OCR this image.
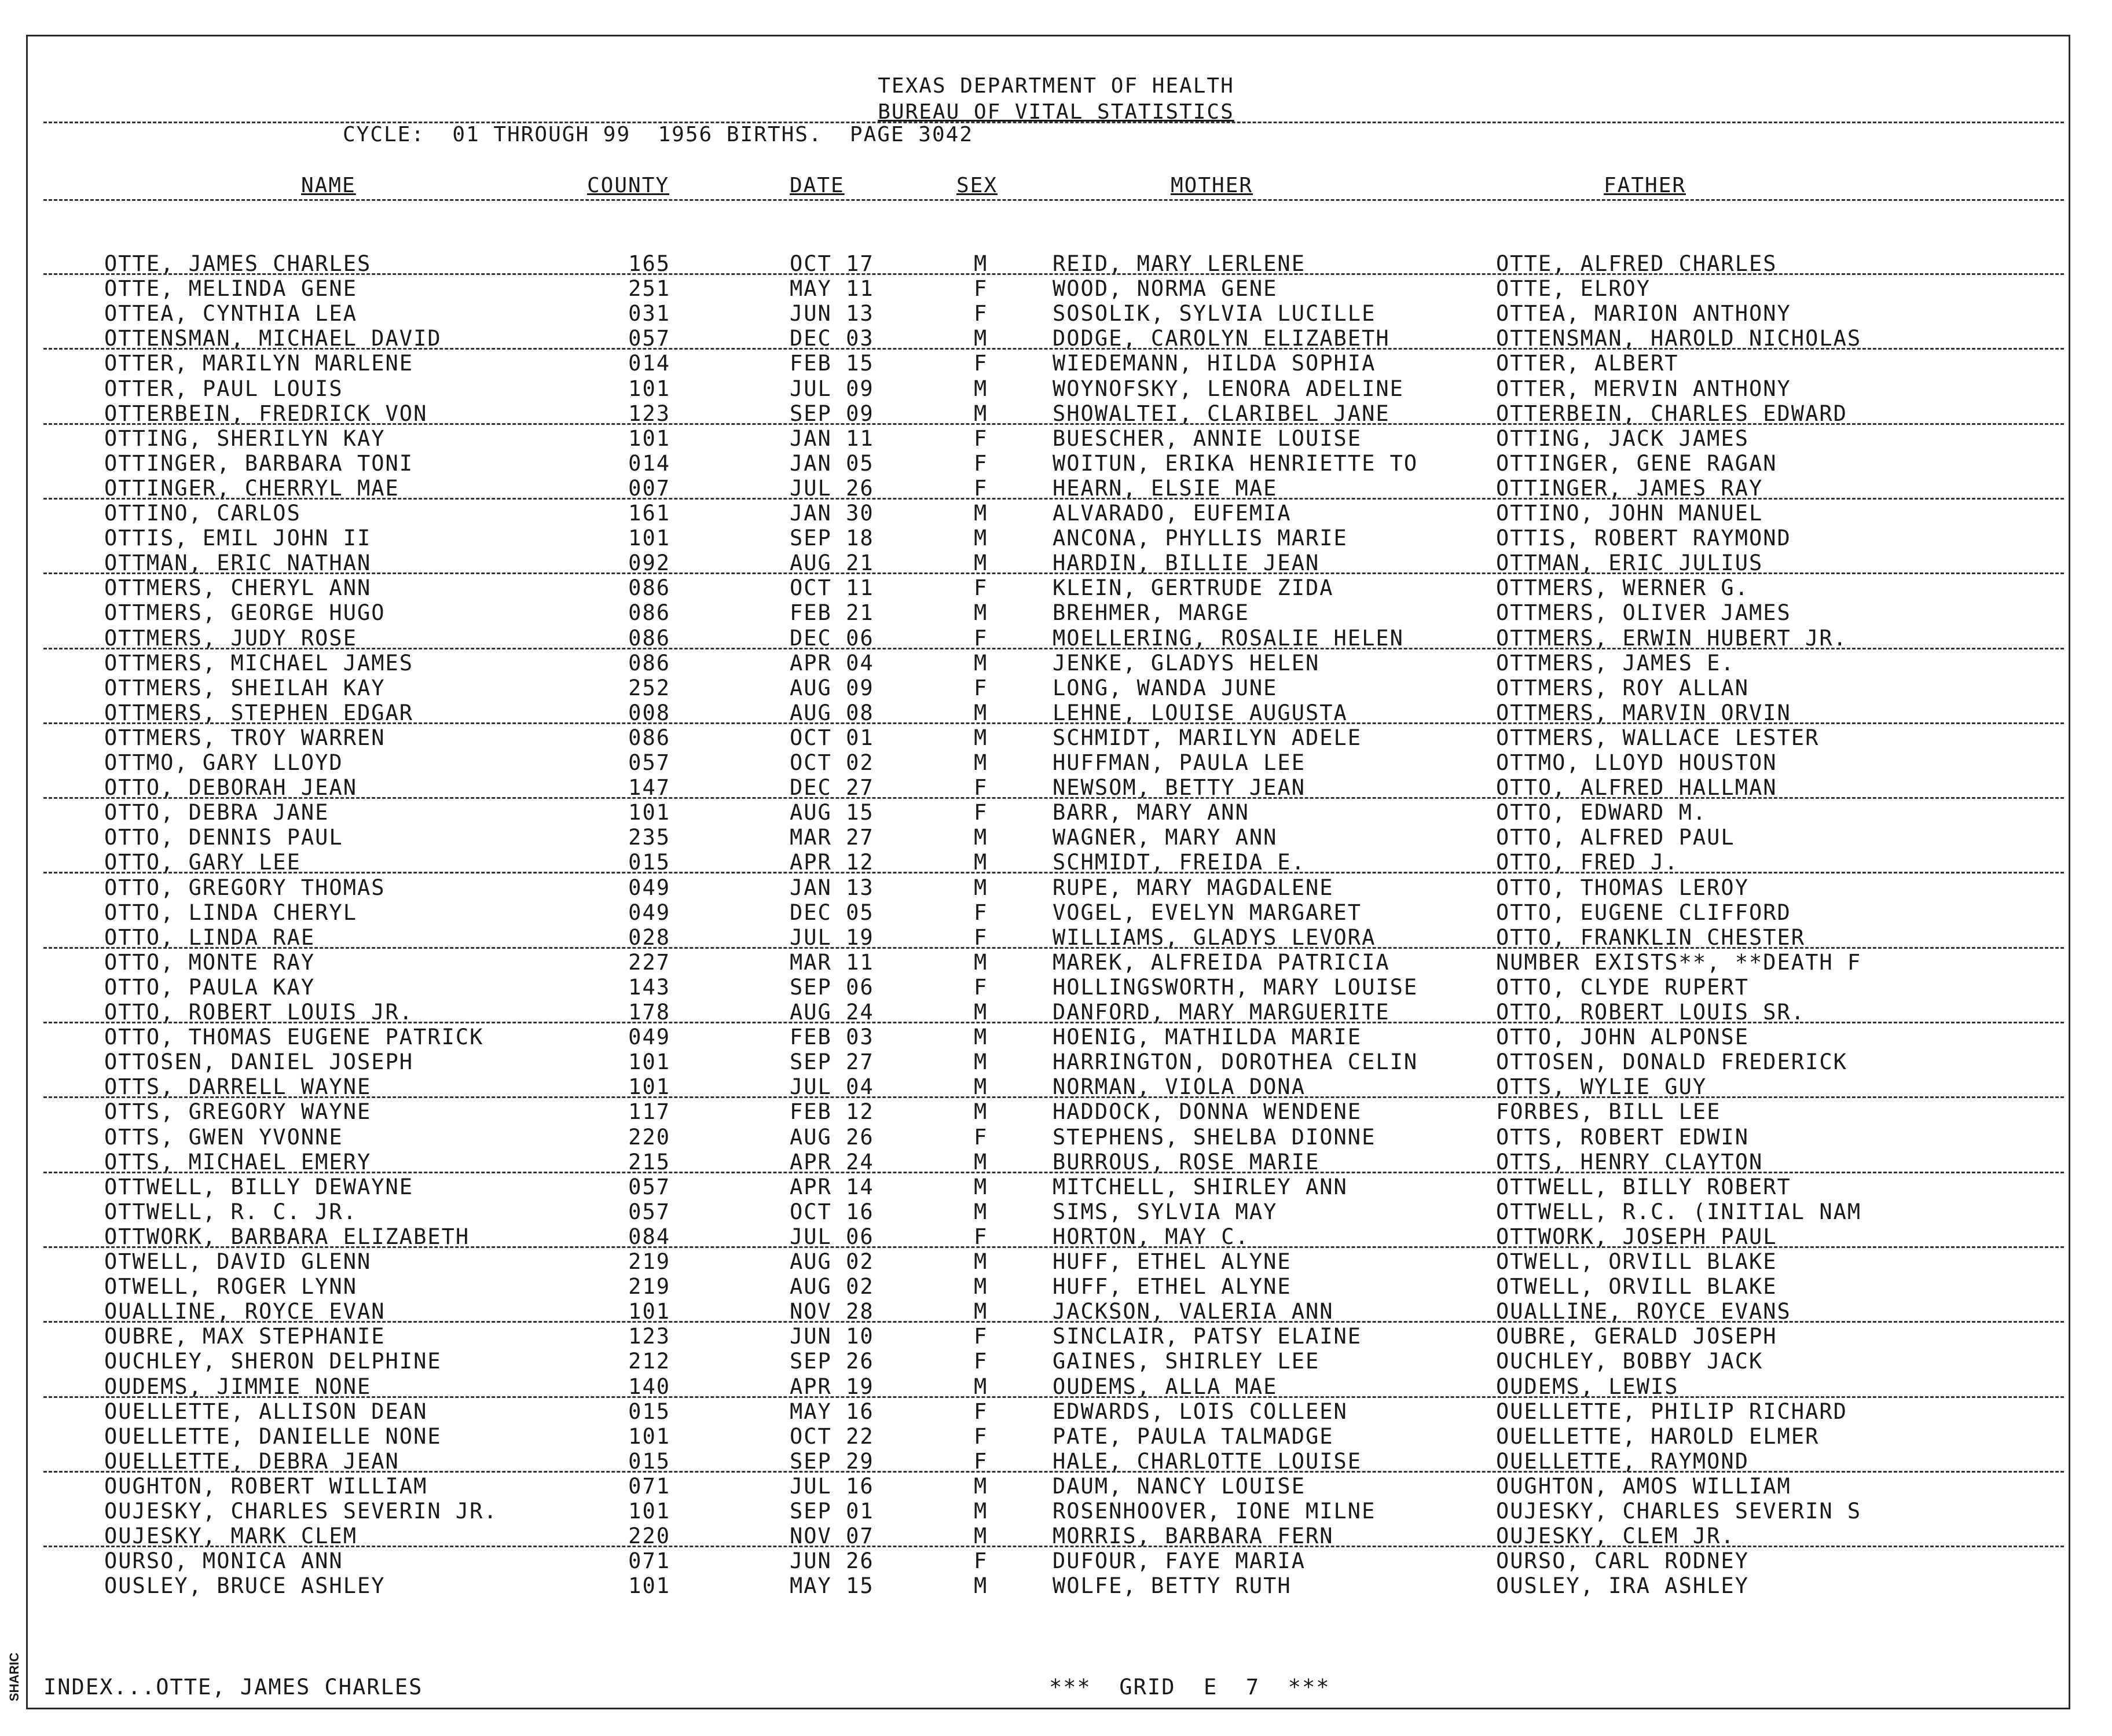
SHARIC
TEXAS DEPARTMENT OF HEALTH
BUREAU OF VITAL STATISTICS
CYCLE:  01 THROUGH 99  1956 BIRTHS.  PAGE 3042
NAME	COUNTY	DATE	SEX	MOTHER	FATHER
OTTE, JAMES CHARLES	165	OCT 17	M	REID, MARY LERLENE	OTTE, ALFRED CHARLES
OTTE, MELINDA GENE	251	MAY 11	F	WOOD, NORMA GENE	OTTE, ELROY
OTTEA, CYNTHIA LEA	031	JUN 13	F	SOSOLIK, SYLVIA LUCILLE	OTTEA, MARION ANTHONY
OTTENSMAN, MICHAEL DAVID	057	DEC 03	M	DODGE, CAROLYN ELIZABETH	OTTENSMAN, HAROLD NICHOLAS
OTTER, MARILYN MARLENE	014	FEB 15	F	WIEDEMANN, HILDA SOPHIA	OTTER, ALBERT
OTTER, PAUL LOUIS	101	JUL 09	M	WOYNOFSKY, LENORA ADELINE	OTTER, MERVIN ANTHONY
OTTERBEIN, FREDRICK VON	123	SEP 09	M	SHOWALTEI, CLARIBEL JANE	OTTERBEIN, CHARLES EDWARD
OTTING, SHERILYN KAY	101	JAN 11	F	BUESCHER, ANNIE LOUISE	OTTING, JACK JAMES
OTTINGER, BARBARA TONI	014	JAN 05	F	WOITUN, ERIKA HENRIETTE TO	OTTINGER, GENE RAGAN
OTTINGER, CHERRYL MAE	007	JUL 26	F	HEARN, ELSIE MAE	OTTINGER, JAMES RAY
OTTINO, CARLOS	161	JAN 30	M	ALVARADO, EUFEMIA	OTTINO, JOHN MANUEL
OTTIS, EMIL JOHN II	101	SEP 18	M	ANCONA, PHYLLIS MARIE	OTTIS, ROBERT RAYMOND
OTTMAN, ERIC NATHAN	092	AUG 21	M	HARDIN, BILLIE JEAN	OTTMAN, ERIC JULIUS
OTTMERS, CHERYL ANN	086	OCT 11	F	KLEIN, GERTRUDE ZIDA	OTTMERS, WERNER G.
OTTMERS, GEORGE HUGO	086	FEB 21	M	BREHMER, MARGE	OTTMERS, OLIVER JAMES
OTTMERS, JUDY ROSE	086	DEC 06	F	MOELLERING, ROSALIE HELEN	OTTMERS, ERWIN HUBERT JR.
OTTMERS, MICHAEL JAMES	086	APR 04	M	JENKE, GLADYS HELEN	OTTMERS, JAMES E.
OTTMERS, SHEILAH KAY	252	AUG 09	F	LONG, WANDA JUNE	OTTMERS, ROY ALLAN
OTTMERS, STEPHEN EDGAR	008	AUG 08	M	LEHNE, LOUISE AUGUSTA	OTTMERS, MARVIN ORVIN
OTTMERS, TROY WARREN	086	OCT 01	M	SCHMIDT, MARILYN ADELE	OTTMERS, WALLACE LESTER
OTTMO, GARY LLOYD	057	OCT 02	M	HUFFMAN, PAULA LEE	OTTMO, LLOYD HOUSTON
OTTO, DEBORAH JEAN	147	DEC 27	F	NEWSOM, BETTY JEAN	OTTO, ALFRED HALLMAN
OTTO, DEBRA JANE	101	AUG 15	F	BARR, MARY ANN	OTTO, EDWARD M.
OTTO, DENNIS PAUL	235	MAR 27	M	WAGNER, MARY ANN	OTTO, ALFRED PAUL
OTTO, GARY LEE	015	APR 12	M	SCHMIDT, FREIDA E.	OTTO, FRED J.
OTTO, GREGORY THOMAS	049	JAN 13	M	RUPE, MARY MAGDALENE	OTTO, THOMAS LEROY
OTTO, LINDA CHERYL	049	DEC 05	F	VOGEL, EVELYN MARGARET	OTTO, EUGENE CLIFFORD
OTTO, LINDA RAE	028	JUL 19	F	WILLIAMS, GLADYS LEVORA	OTTO, FRANKLIN CHESTER
OTTO, MONTE RAY	227	MAR 11	M	MAREK, ALFREIDA PATRICIA	NUMBER EXISTS**, **DEATH F
OTTO, PAULA KAY	143	SEP 06	F	HOLLINGSWORTH, MARY LOUISE	OTTO, CLYDE RUPERT
OTTO, ROBERT LOUIS JR.	178	AUG 24	M	DANFORD, MARY MARGUERITE	OTTO, ROBERT LOUIS SR.
OTTO, THOMAS EUGENE PATRICK	049	FEB 03	M	HOENIG, MATHILDA MARIE	OTTO, JOHN ALPONSE
OTTOSEN, DANIEL JOSEPH	101	SEP 27	M	HARRINGTON, DOROTHEA CELIN	OTTOSEN, DONALD FREDERICK
OTTS, DARRELL WAYNE	101	JUL 04	M	NORMAN, VIOLA DONA	OTTS, WYLIE GUY
OTTS, GREGORY WAYNE	117	FEB 12	M	HADDOCK, DONNA WENDENE	FORBES, BILL LEE
OTTS, GWEN YVONNE	220	AUG 26	F	STEPHENS, SHELBA DIONNE	OTTS, ROBERT EDWIN
OTTS, MICHAEL EMERY	215	APR 24	M	BURROUS, ROSE MARIE	OTTS, HENRY CLAYTON
OTTWELL, BILLY DEWAYNE	057	APR 14	M	MITCHELL, SHIRLEY ANN	OTTWELL, BILLY ROBERT
OTTWELL, R. C. JR.	057	OCT 16	M	SIMS, SYLVIA MAY	OTTWELL, R.C. (INITIAL NAM
OTTWORK, BARBARA ELIZABETH	084	JUL 06	F	HORTON, MAY C.	OTTWORK, JOSEPH PAUL
OTWELL, DAVID GLENN	219	AUG 02	M	HUFF, ETHEL ALYNE	OTWELL, ORVILL BLAKE
OTWELL, ROGER LYNN	219	AUG 02	M	HUFF, ETHEL ALYNE	OTWELL, ORVILL BLAKE
OUALLINE, ROYCE EVAN	101	NOV 28	M	JACKSON, VALERIA ANN	OUALLINE, ROYCE EVANS
OUBRE, MAX STEPHANIE	123	JUN 10	F	SINCLAIR, PATSY ELAINE	OUBRE, GERALD JOSEPH
OUCHLEY, SHERON DELPHINE	212	SEP 26	F	GAINES, SHIRLEY LEE	OUCHLEY, BOBBY JACK
OUDEMS, JIMMIE NONE	140	APR 19	M	OUDEMS, ALLA MAE	OUDEMS, LEWIS
OUELLETTE, ALLISON DEAN	015	MAY 16	F	EDWARDS, LOIS COLLEEN	OUELLETTE, PHILIP RICHARD
OUELLETTE, DANIELLE NONE	101	OCT 22	F	PATE, PAULA TALMADGE	OUELLETTE, HAROLD ELMER
OUELLETTE, DEBRA JEAN	015	SEP 29	F	HALE, CHARLOTTE LOUISE	OUELLETTE, RAYMOND
OUGHTON, ROBERT WILLIAM	071	JUL 16	M	DAUM, NANCY LOUISE	OUGHTON, AMOS WILLIAM
OUJESKY, CHARLES SEVERIN JR.	101	SEP 01	M	ROSENHOOVER, IONE MILNE	OUJESKY, CHARLES SEVERIN S
OUJESKY, MARK CLEM	220	NOV 07	M	MORRIS, BARBARA FERN	OUJESKY, CLEM JR.
OURSO, MONICA ANN	071	JUN 26	F	DUFOUR, FAYE MARIA	OURSO, CARL RODNEY
OUSLEY, BRUCE ASHLEY	101	MAY 15	M	WOLFE, BETTY RUTH	OUSLEY, IRA ASHLEY
INDEX...OTTE, JAMES CHARLES	***  GRID  E  7  ***
